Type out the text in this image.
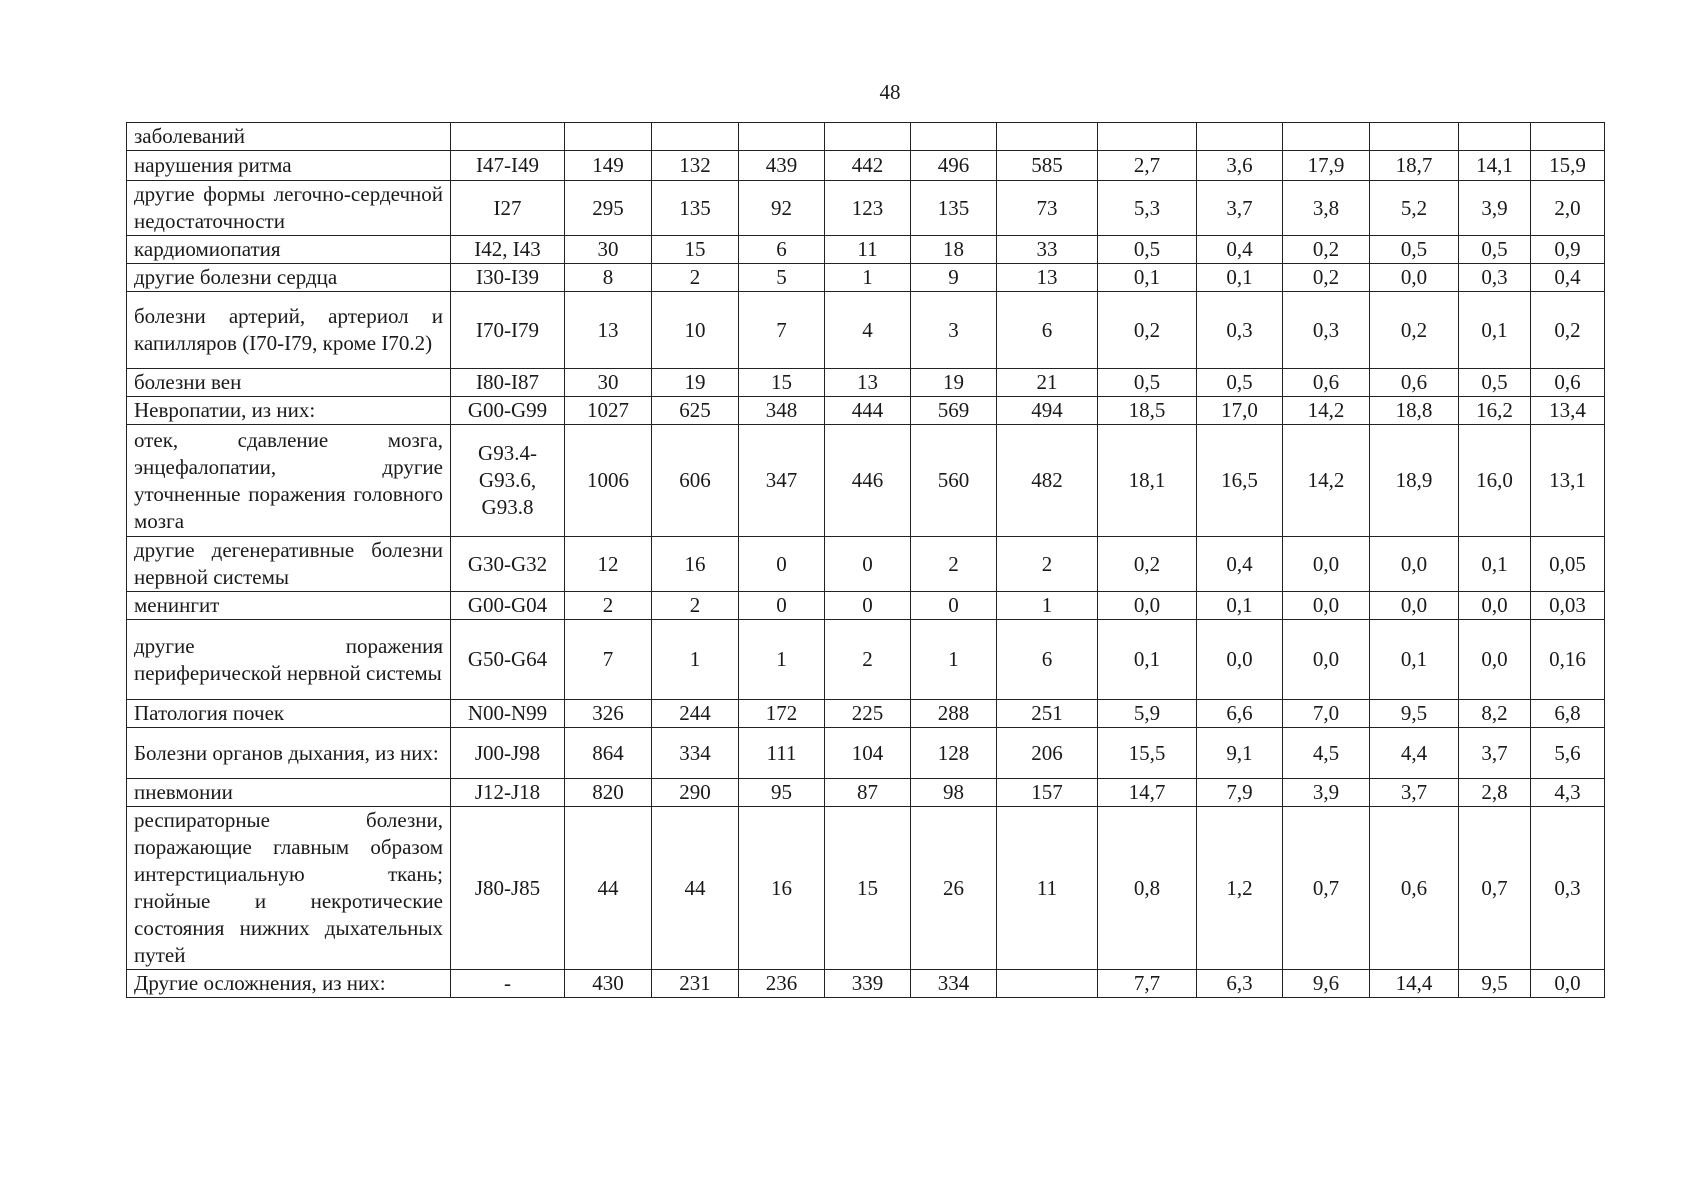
48
заболеваний													
нарушения ритма	I47-I49	149	132	439	442	496	585	2,7	3,6	17,9	18,7	14,1	15,9
другие формы легочно-сердечной недостаточности	I27	295	135	92	123	135	73	5,3	3,7	3,8	5,2	3,9	2,0
кардиомиопатия	I42, I43	30	15	6	11	18	33	0,5	0,4	0,2	0,5	0,5	0,9
другие болезни сердца	I30-I39	8	2	5	1	9	13	0,1	0,1	0,2	0,0	0,3	0,4
болезни артерий, артериол и капилляров (I70-I79, кроме I70.2)	I70-I79	13	10	7	4	3	6	0,2	0,3	0,3	0,2	0,1	0,2
болезни вен	I80-I87	30	19	15	13	19	21	0,5	0,5	0,6	0,6	0,5	0,6
Невропатии, из них:	G00-G99	1027	625	348	444	569	494	18,5	17,0	14,2	18,8	16,2	13,4
отек, сдавление мозга, энцефалопатии, другие уточненные поражения головного мозга	G93.4-
G93.6,
G93.8	1006	606	347	446	560	482	18,1	16,5	14,2	18,9	16,0	13,1
другие дегенеративные болезни нервной системы	G30-G32	12	16	0	0	2	2	0,2	0,4	0,0	0,0	0,1	0,05
менингит	G00-G04	2	2	0	0	0	1	0,0	0,1	0,0	0,0	0,0	0,03
другие поражения периферической нервной системы	G50-G64	7	1	1	2	1	6	0,1	0,0	0,0	0,1	0,0	0,16
Патология почек	N00-N99	326	244	172	225	288	251	5,9	6,6	7,0	9,5	8,2	6,8
Болезни органов дыхания, из них:	J00-J98	864	334	111	104	128	206	15,5	9,1	4,5	4,4	3,7	5,6
пневмонии	J12-J18	820	290	95	87	98	157	14,7	7,9	3,9	3,7	2,8	4,3
респираторные болезни, поражающие главным образом интерстициальную ткань; гнойные и некротические состояния нижних дыхательных путей	J80-J85	44	44	16	15	26	11	0,8	1,2	0,7	0,6	0,7	0,3
Другие осложнения, из них:	-	430	231	236	339	334		7,7	6,3	9,6	14,4	9,5	0,0
